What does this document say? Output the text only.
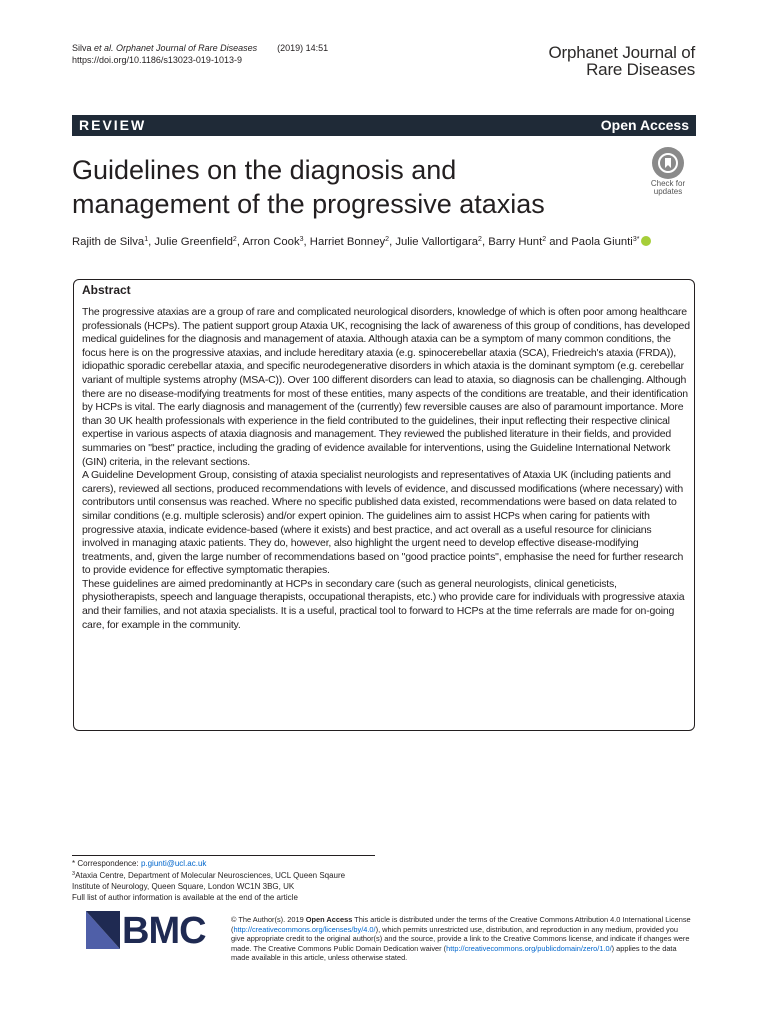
Silva et al. Orphanet Journal of Rare Diseases (2019) 14:51
https://doi.org/10.1186/s13023-019-1013-9	Orphanet Journal of
Rare Diseases
REVIEW	Open Access
Guidelines on the diagnosis and management of the progressive ataxias
Check for updates
Rajith de Silva$^1$, Julie Greenfield$^2$, Arron Cook$^3$, Harriet Bonney$^2$, Julie Vallortigara$^2$, Barry Hunt$^2$ and Paola Giunti$^{3*}$
Abstract

The progressive ataxias are a group of rare and complicated neurological disorders, knowledge of which is often poor among healthcare professionals (HCPs). The patient support group Ataxia UK, recognising the lack of awareness of this group of conditions, has developed medical guidelines for the diagnosis and management of ataxia. Although ataxia can be a symptom of many common conditions, the focus here is on the progressive ataxias, and include hereditary ataxia (e.g. spinocerebellar ataxia (SCA), Friedreich's ataxia (FRDA)), idiopathic sporadic cerebellar ataxia, and specific neurodegenerative disorders in which ataxia is the dominant symptom (e.g. cerebellar variant of multiple systems atrophy (MSA-C)). Over 100 different disorders can lead to ataxia, so diagnosis can be challenging. Although there are no disease-modifying treatments for most of these entities, many aspects of the conditions are treatable, and their identification by HCPs is vital. The early diagnosis and management of the (currently) few reversible causes are also of paramount importance. More than 30 UK health professionals with experience in the field contributed to the guidelines, their input reflecting their respective clinical expertise in various aspects of ataxia diagnosis and management. They reviewed the published literature in their fields, and provided summaries on "best" practice, including the grading of evidence available for interventions, using the Guideline International Network (GIN) criteria, in the relevant sections.

A Guideline Development Group, consisting of ataxia specialist neurologists and representatives of Ataxia UK (including patients and carers), reviewed all sections, produced recommendations with levels of evidence, and discussed modifications (where necessary) with contributors until consensus was reached. Where no specific published data existed, recommendations were based on data related to similar conditions (e.g. multiple sclerosis) and/or expert opinion. The guidelines aim to assist HCPs when caring for patients with progressive ataxia, indicate evidence-based (where it exists) and best practice, and act overall as a useful resource for clinicians involved in managing ataxic patients. They do, however, also highlight the urgent need to develop effective disease-modifying treatments, and, given the large number of recommendations based on "good practice points", emphasise the need for further research to provide evidence for effective symptomatic therapies.

These guidelines are aimed predominantly at HCPs in secondary care (such as general neurologists, clinical geneticists, physiotherapists, speech and language therapists, occupational therapists, etc.) who provide care for individuals with progressive ataxia and their families, and not ataxia specialists. It is a useful, practical tool to forward to HCPs at the time referrals are made for on-going care, for example in the community.

* Correspondence: p.giunti@ucl.ac.uk
$^3$Ataxia Centre, Department of Molecular Neurosciences, UCL Queen Sqaure
Institute of Neurology, Queen Square, London WC1N 3BG, UK
Full list of author information is available at the end of the article
BMC	© The Author(s). 2019 Open Access This article is distributed under the terms of the Creative Commons Attribution 4.0 International License (http://creativecommons.org/licenses/by/4.0/), which permits unrestricted use, distribution, and reproduction in any medium, provided you give appropriate credit to the original author(s) and the source, provide a link to the Creative Commons license, and indicate if changes were made. The Creative Commons Public Domain Dedication waiver (http://creativecommons.org/publicdomain/zero/1.0/) applies to the data made available in this article, unless otherwise stated.
